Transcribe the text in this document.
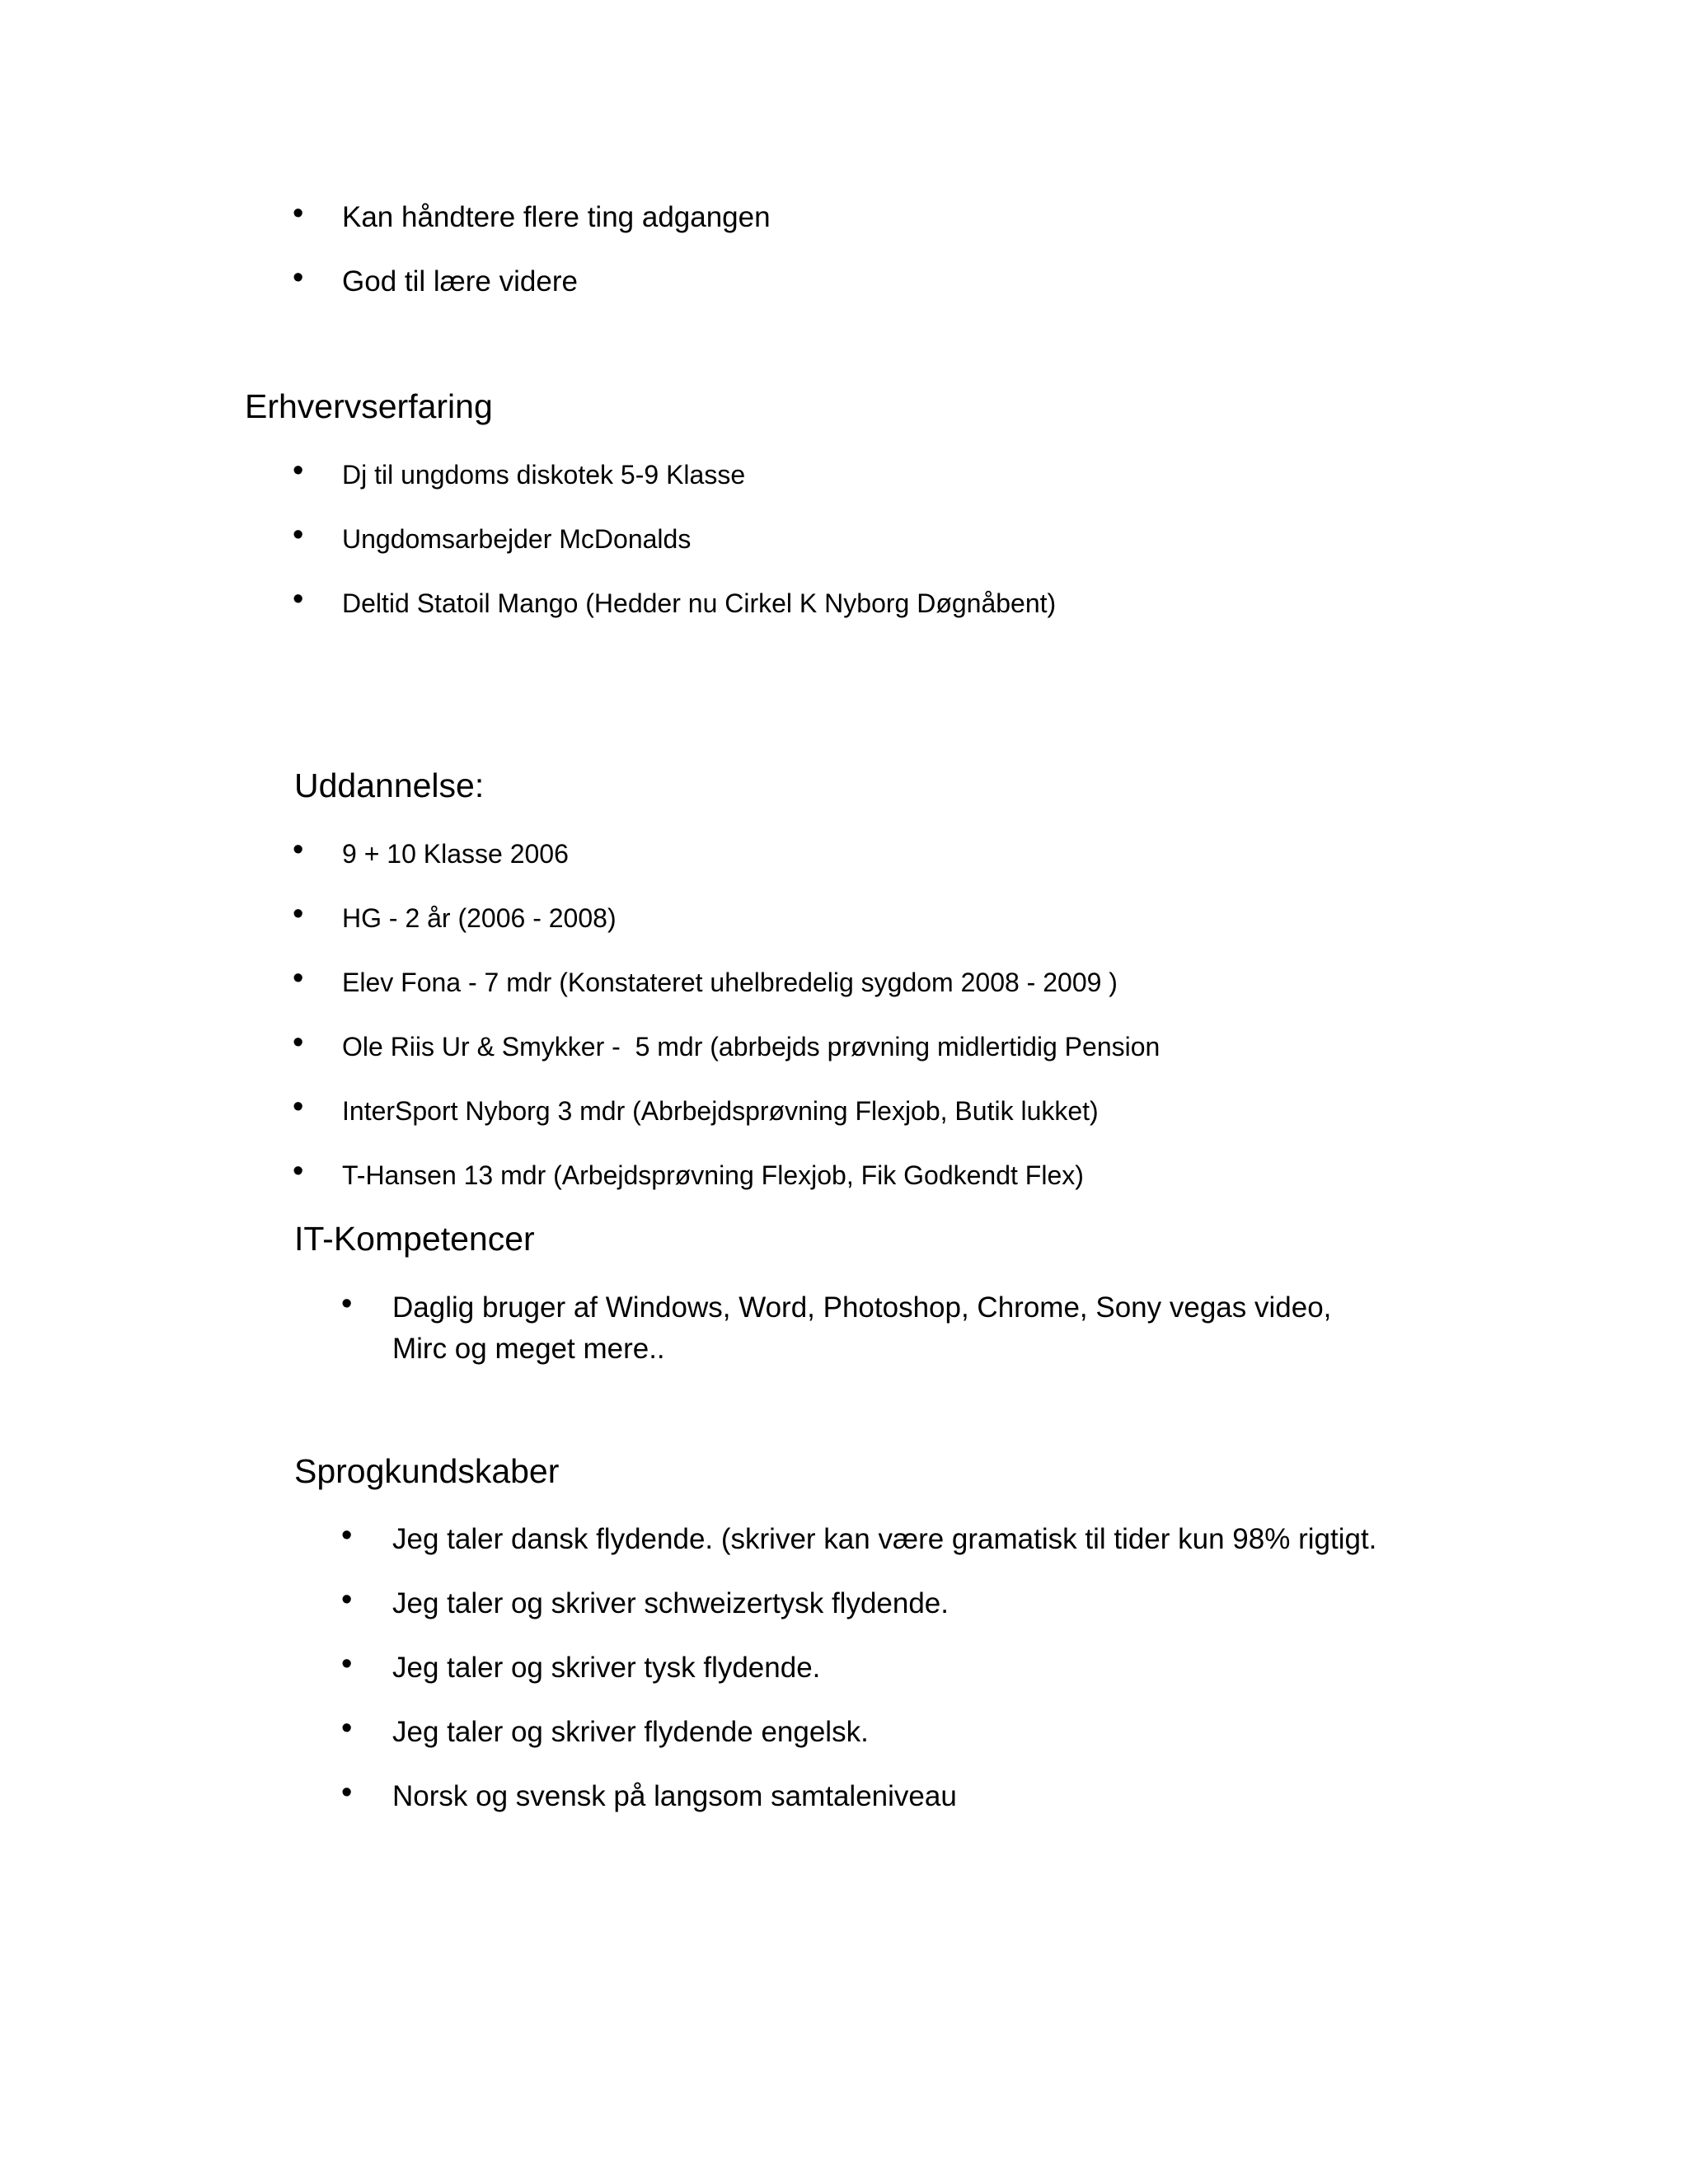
• Kan håndtere flere ting adgangen
• God til lære videre
Erhvervserfaring
• Dj til ungdoms diskotek 5-9 Klasse
• Ungdomsarbejder McDonalds
• Deltid Statoil Mango (Hedder nu Cirkel K Nyborg Døgnåbent)
Uddannelse:
• 9 + 10 Klasse 2006
• HG - 2 år (2006 - 2008)
• Elev Fona - 7 mdr (Konstateret uhelbredelig sygdom 2008 - 2009 )
• Ole Riis Ur & Smykker -  5 mdr (abrbejds prøvning midlertidig Pension
• InterSport Nyborg 3 mdr (Abrbejdsprøvning Flexjob, Butik lukket)
• T-Hansen 13 mdr (Arbejdsprøvning Flexjob, Fik Godkendt Flex)
IT-Kompetencer
• Daglig bruger af Windows, Word, Photoshop, Chrome, Sony vegas video,
Mirc og meget mere..
Sprogkundskaber
• Jeg taler dansk flydende. (skriver kan være gramatisk til tider kun 98% rigtigt.
• Jeg taler og skriver schweizertysk flydende.
• Jeg taler og skriver tysk flydende.
• Jeg taler og skriver flydende engelsk.
• Norsk og svensk på langsom samtaleniveau
